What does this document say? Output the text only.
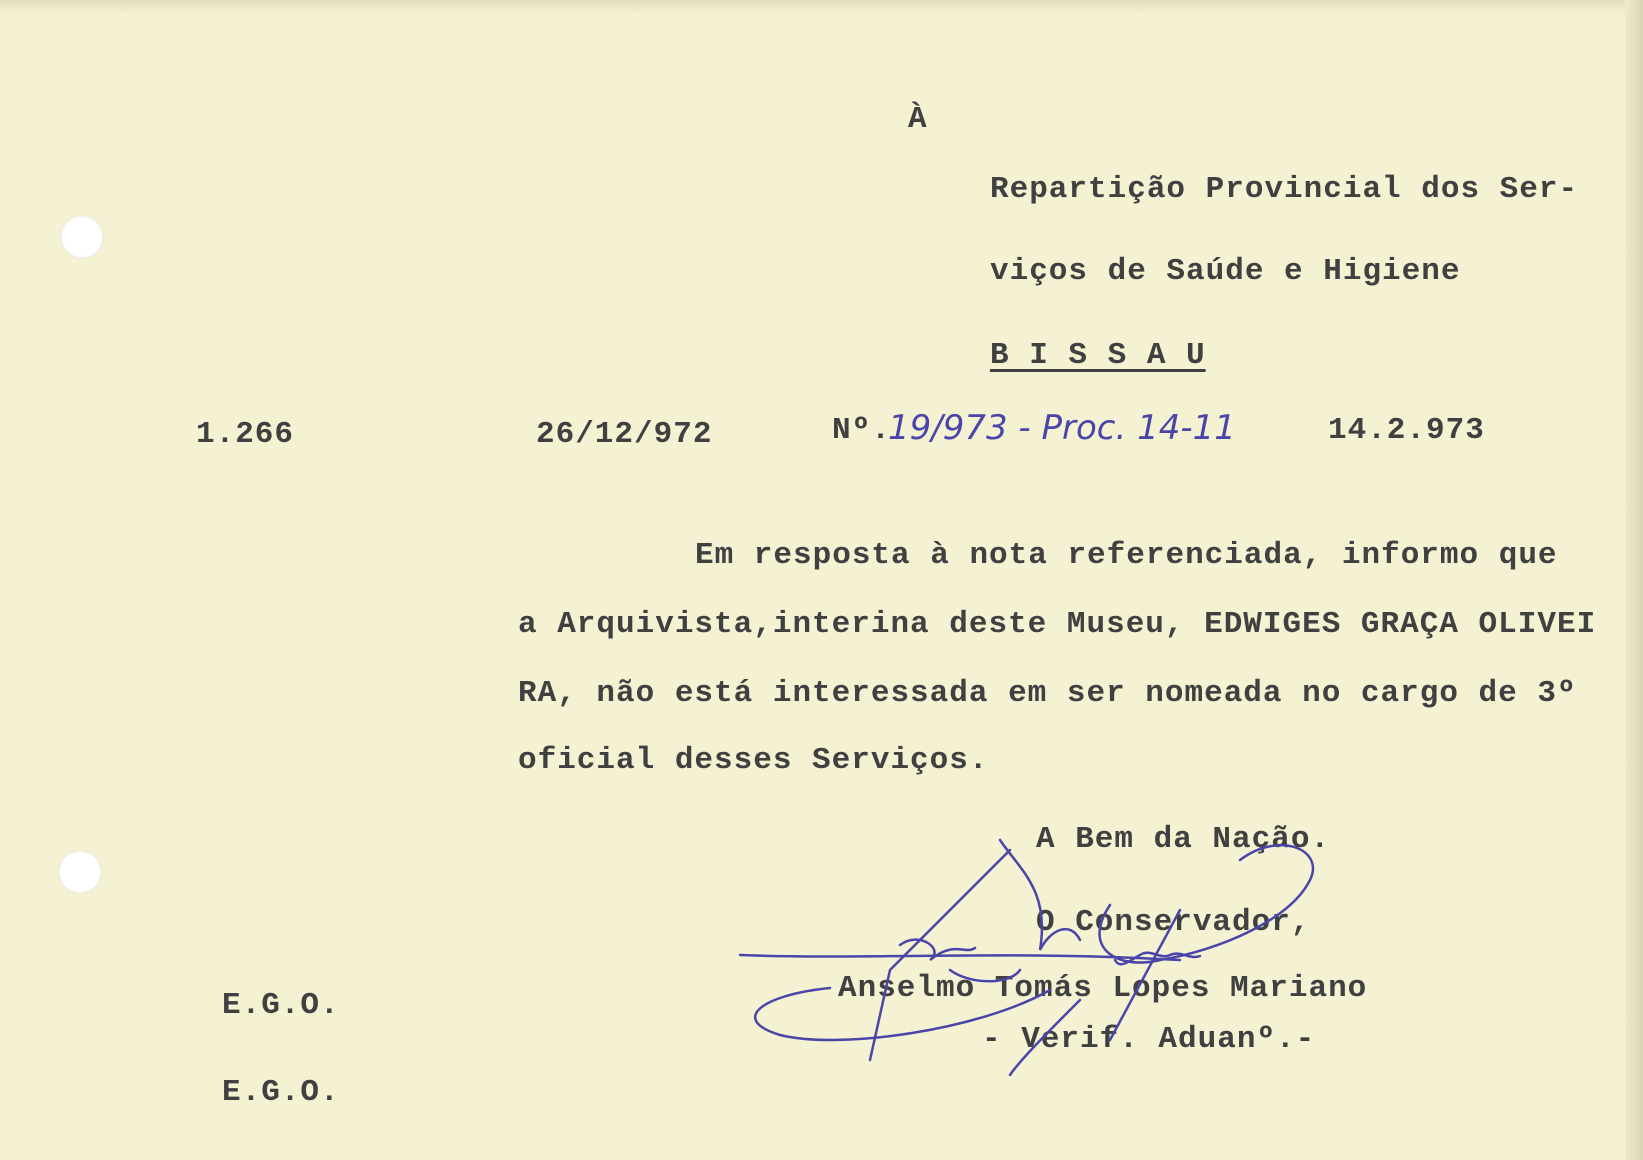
À
Repartição Provincial dos Ser-
viços de Saúde e Higiene
B I S S A U
1.266	26/12/972	Nº.
19/973 - Proc. 14-11	14.2.973
Em resposta à nota referenciada, informo que
a Arquivista,interina deste Museu, EDWIGES GRAÇA OLIVEI
RA, não está interessada em ser nomeada no cargo de 3º
oficial desses Serviços.
A Bem da Nação.
O Conservador,
Anselmo Tomás Lopes Mariano
- Verif. Aduanº.-
E.G.O.
E.G.O.
